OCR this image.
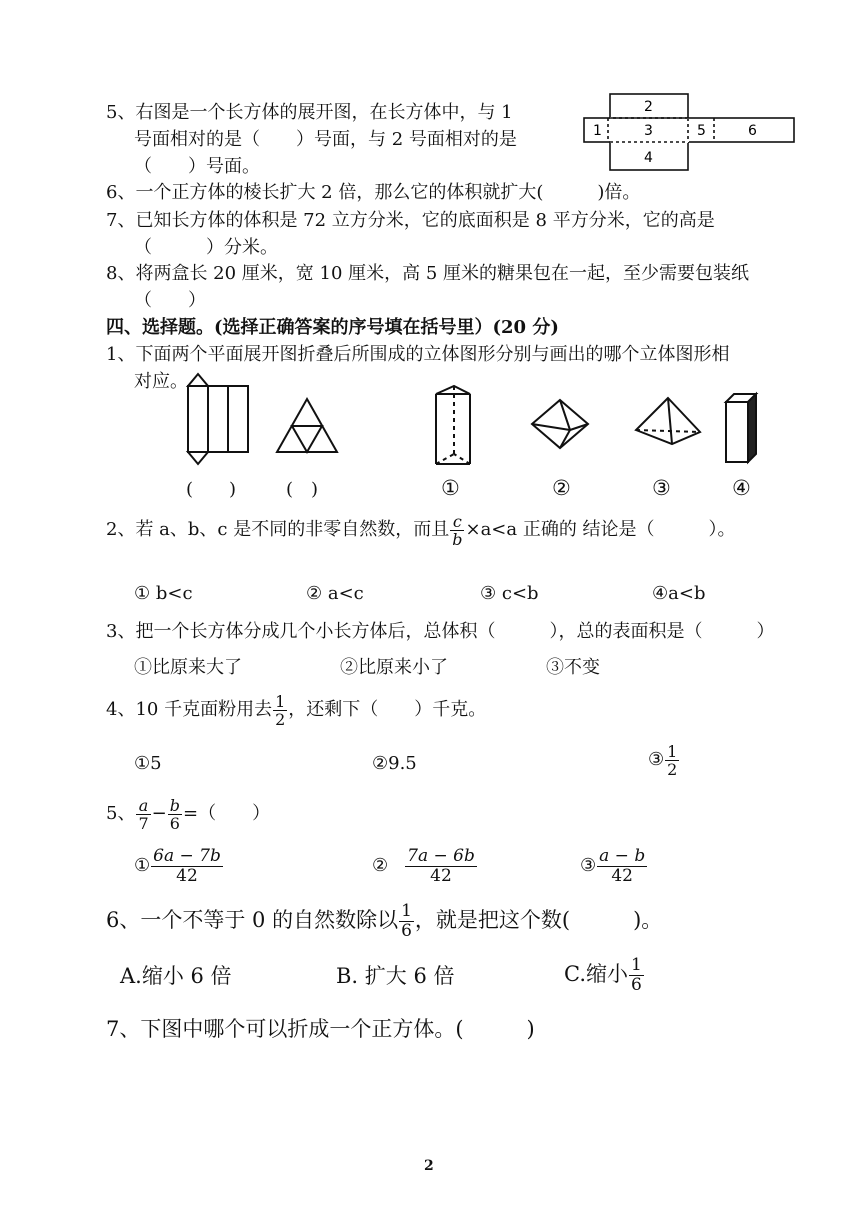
5、右图是一个长方体的展开图，在长方体中，与 1
号面相对的是（　　）号面，与 2 号面相对的是
（　　）号面。
1
2
3
4
5	6
6、一个正方体的棱长扩大 2 倍，那么它的体积就扩大(　　　)倍。
7、已知长方体的体积是 72 立方分米，它的底面积是 8 平方分米，它的高是
（　　　）分米。
8、将两盒长 20 厘米，宽 10 厘米，高 5 厘米的糖果包在一起，至少需要包装纸
（　　）
四、选择题。(选择正确答案的序号填在括号里）(20 分)
1、下面两个平面展开图折叠后所围成的立体图形分别与画出的哪个立体图形相
对应。
(　　)	(　)	①	②	③	④
2、若 a、b、c 是不同的非零自然数，而且 $\frac{c}{b} \times a<a$ 正确的 结论是（　　　）。
① b<c	② a<c	③ c<b	④a<b
3、把一个长方体分成几个小长方体后，总体积（　　　），总的表面积是（　　　）
①比原来大了	②比原来小了	③不变
4、10 千克面粉用去 $\frac{1}{2}$ ，还剩下（　　）千克。
①5	②9.5	③ $\frac{1}{2}$
5、 $\frac{a}{7} - \frac{b}{6}$ =（　　）
① $\frac{6a - 7b}{42}$	② $\frac{7a - 6b}{42}$	③ $\frac{a - b}{42}$
6、一个不等于 0 的自然数除以 $\frac{1}{6}$ ，就是把这个数(　　　)。
A.缩小 6 倍	B. 扩大 6 倍	C.缩小 $\frac{1}{6}$
7、下图中哪个可以折成一个正方体。(　　　)
2
